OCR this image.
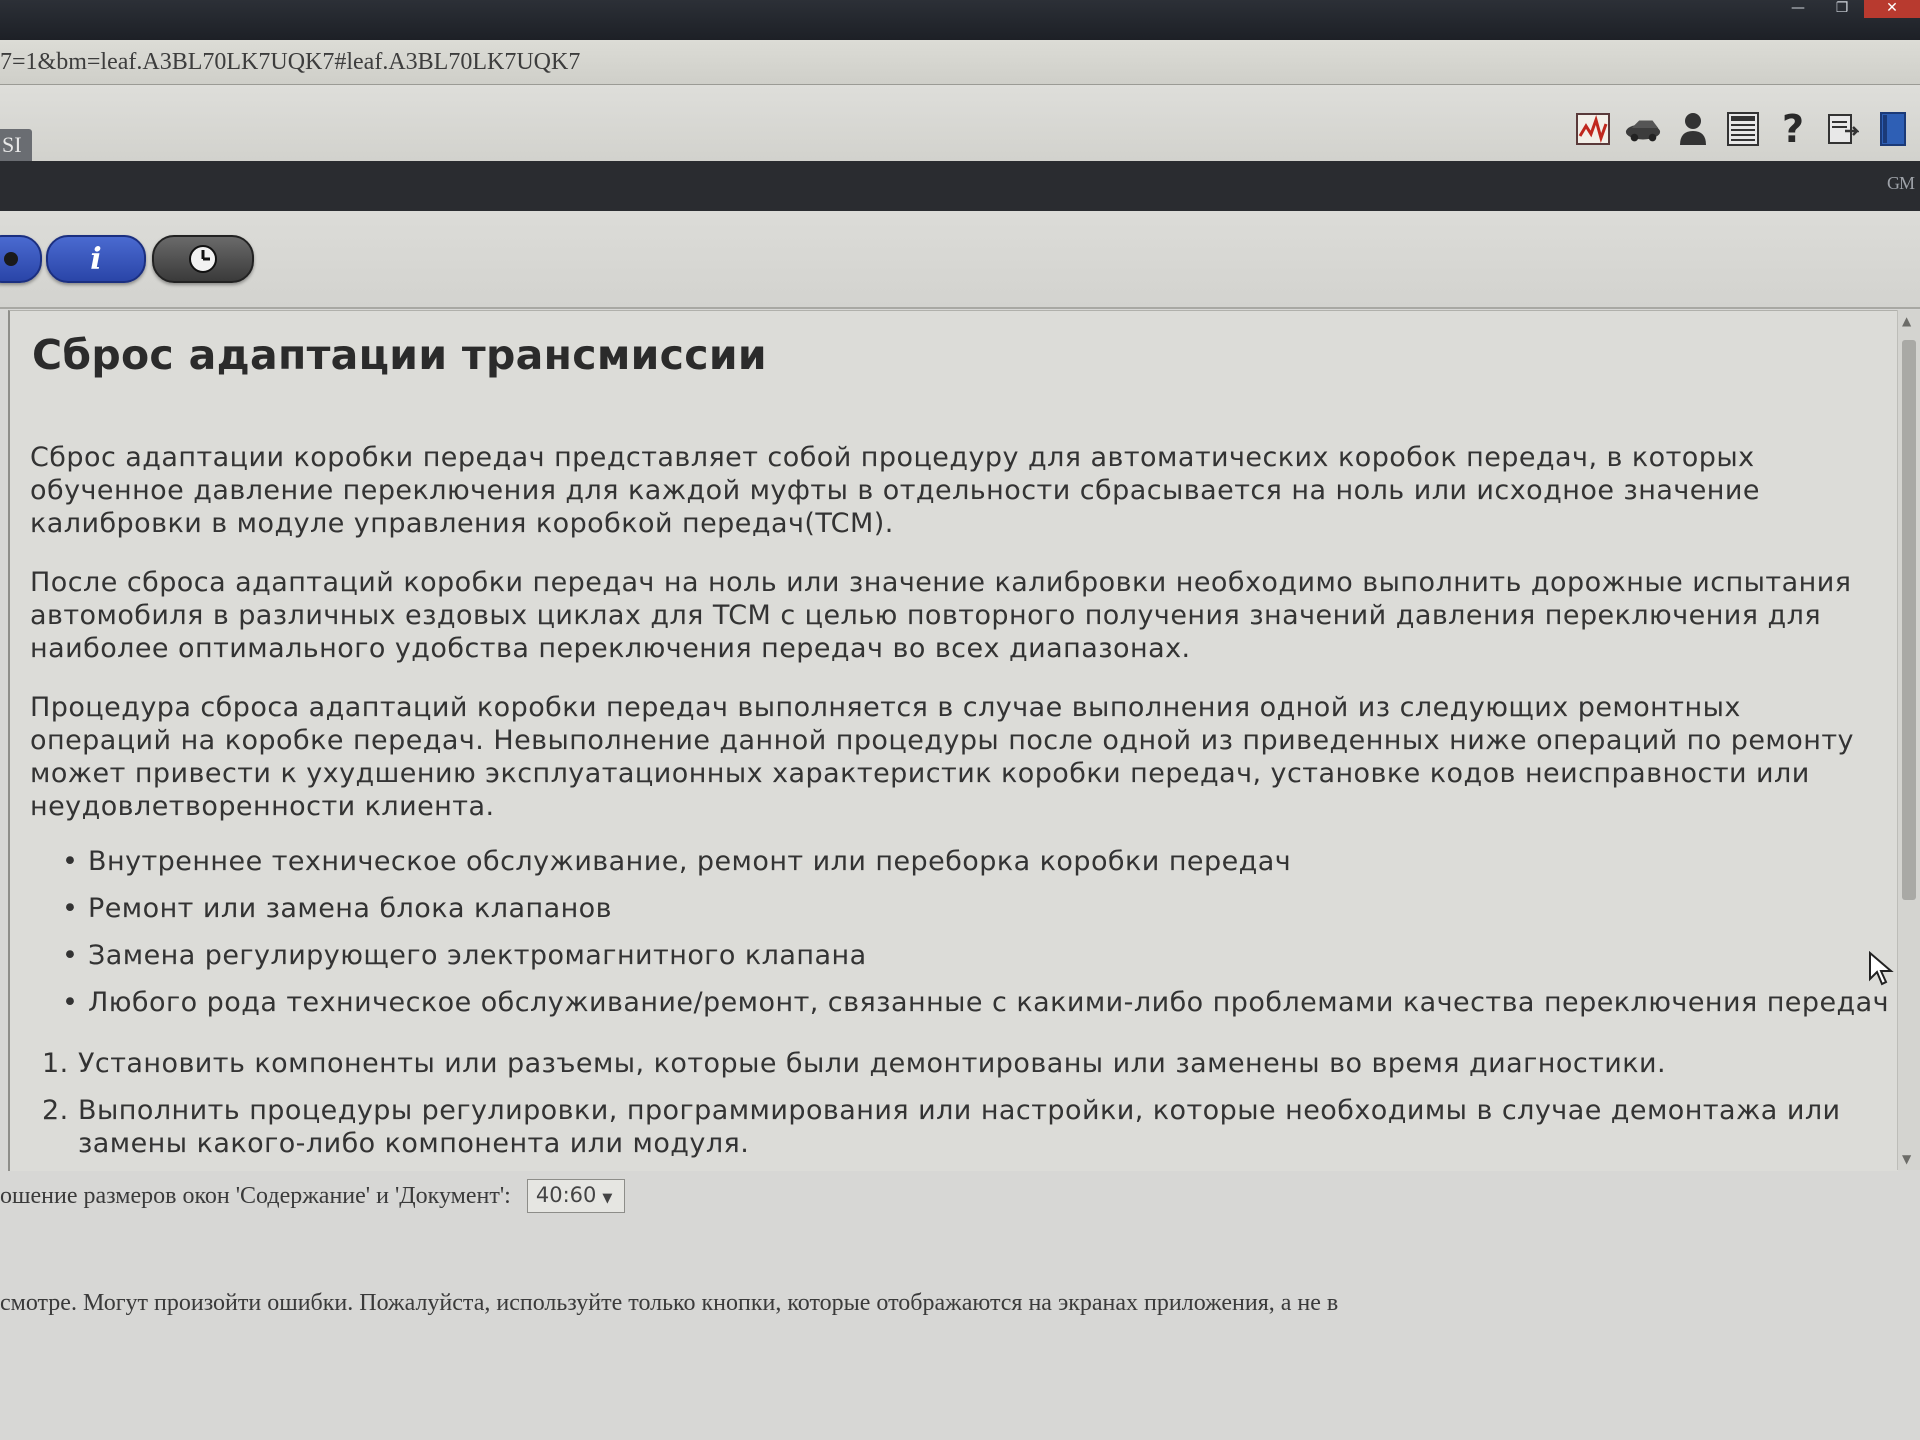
—	❐	✕
7=1&bm=leaf.A3BL70LK7UQK7#leaf.A3BL70LK7UQK7
SI	?
GM
i
Сброс адаптации трансмиссии

Сброс адаптации коробки передач представляет собой процедуру для автоматических коробок передач, в которых обученное давление переключения для каждой муфты в отдельности сбрасывается на ноль или исходное значение калибровки в модуле управления коробкой передач(TCM).

После сброса адаптаций коробки передач на ноль или значение калибровки необходимо выполнить дорожные испытания автомобиля в различных ездовых циклах для TCM с целью повторного получения значений давления переключения для наиболее оптимального удобства переключения передач во всех диапазонах.

Процедура сброса адаптаций коробки передач выполняется в случае выполнения одной из следующих ремонтных операций на коробке передач. Невыполнение данной процедуры после одной из приведенных ниже операций по ремонту может привести к ухудшению эксплуатационных характеристик коробки передач, установке кодов неисправности или неудовлетворенности клиента.

• Внутреннее техническое обслуживание, ремонт или переборка коробки передач
• Ремонт или замена блока клапанов
• Замена регулирующего электромагнитного клапана
• Любого рода техническое обслуживание/ремонт, связанные с какими-либо проблемами качества переключения передач
1. Установить компоненты или разъемы, которые были демонтированы или заменены во время диагностики.
2. Выполнить процедуры регулировки, программирования или настройки, которые необходимы в случае демонтажа или замены какого-либо компонента или модуля.
▲
▼
ошение размеров окон 'Содержание' и 'Документ': 40:60 ▼
смотре. Могут произойти ошибки. Пожалуйста, используйте только кнопки, которые отображаются на экранах приложения, а не в
